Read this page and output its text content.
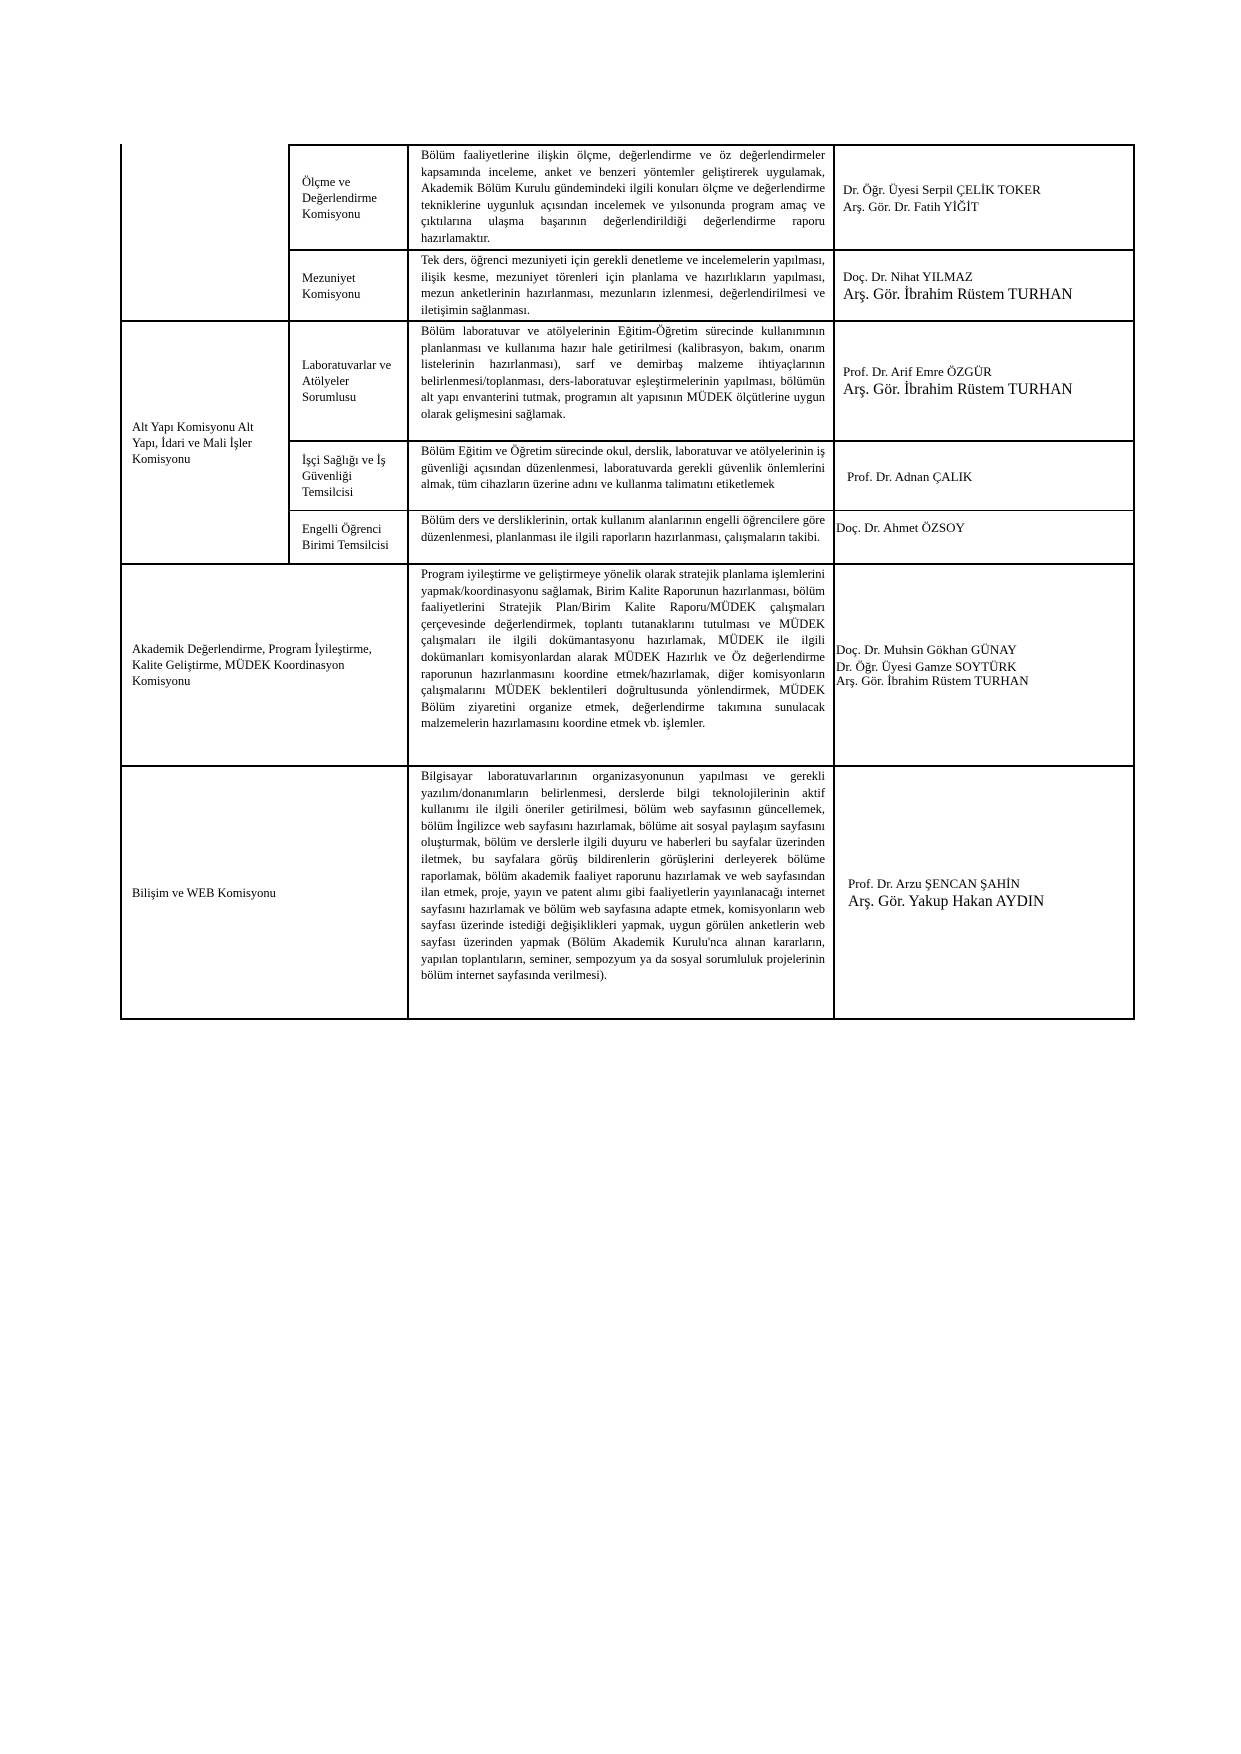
Ölçme ve Değerlendirme Komisyonu
Bölüm faaliyetlerine ilişkin ölçme, değerlendirme ve öz değerlendirmeler kapsamında inceleme, anket ve benzeri yöntemler geliştirerek uygulamak, Akademik Bölüm Kurulu gündemindeki ilgili konuları ölçme ve değerlendirme tekniklerine uygunluk açısından incelemek ve yılsonunda program amaç ve çıktılarına ulaşma başarının değerlendirildiği değerlendirme raporu hazırlamaktır.
Dr. Öğr. Üyesi Serpil ÇELİK TOKER
Arş. Gör. Dr. Fatih YİĞİT
Mezuniyet Komisyonu
Tek ders, öğrenci mezuniyeti için gerekli denetleme ve incelemelerin yapılması, ilişik kesme, mezuniyet törenleri için planlama ve hazırlıkların yapılması, mezun anketlerinin hazırlanması, mezunların izlenmesi, değerlendirilmesi ve iletişimin sağlanması.
Doç. Dr. Nihat YILMAZ
Arş. Gör. İbrahim Rüstem TURHAN
Alt Yapı Komisyonu Alt Yapı, İdari ve Mali İşler Komisyonu
Laboratuvarlar ve Atölyeler Sorumlusu
Bölüm laboratuvar ve atölyelerinin Eğitim-Öğretim sürecinde kullanımının planlanması ve kullanıma hazır hale getirilmesi (kalibrasyon, bakım, onarım listelerinin hazırlanması), sarf ve demirbaş malzeme ihtiyaçlarının belirlenmesi/toplanması, ders-laboratuvar eşleştirmelerinin yapılması, bölümün alt yapı envanterini tutmak, programın alt yapısının MÜDEK ölçütlerine uygun olarak gelişmesini sağlamak.
Prof. Dr. Arif Emre ÖZGÜR
Arş. Gör. İbrahim Rüstem TURHAN
İşçi Sağlığı ve İş Güvenliği Temsilcisi
Bölüm Eğitim ve Öğretim sürecinde okul, derslik, laboratuvar ve atölyelerinin iş güvenliği açısından düzenlenmesi, laboratuvarda gerekli güvenlik önlemlerini almak, tüm cihazların üzerine adını ve kullanma talimatını etiketlemek
Prof. Dr. Adnan ÇALIK
Engelli Öğrenci Birimi Temsilcisi
Bölüm ders ve dersliklerinin, ortak kullanım alanlarının engelli öğrencilere göre düzenlenmesi, planlanması ile ilgili raporların hazırlanması, çalışmaların takibi.
Doç. Dr. Ahmet ÖZSOY
Akademik Değerlendirme, Program İyileştirme, Kalite Geliştirme, MÜDEK Koordinasyon Komisyonu
Program iyileştirme ve geliştirmeye yönelik olarak stratejik planlama işlemlerini yapmak/koordinasyonu sağlamak, Birim Kalite Raporunun hazırlanması, bölüm faaliyetlerini Stratejik Plan/Birim Kalite Raporu/MÜDEK çalışmaları çerçevesinde değerlendirmek, toplantı tutanaklarını tutulması ve MÜDEK çalışmaları ile ilgili dokümantasyonu hazırlamak, MÜDEK ile ilgili dokümanları komisyonlardan alarak MÜDEK Hazırlık ve Öz değerlendirme raporunun hazırlanmasını koordine etmek/hazırlamak, diğer komisyonların çalışmalarını MÜDEK beklentileri doğrultusunda yönlendirmek, MÜDEK Bölüm ziyaretini organize etmek, değerlendirme takımına sunulacak malzemelerin hazırlamasını koordine etmek vb. işlemler.
Doç. Dr. Muhsin Gökhan GÜNAY
Dr. Öğr. Üyesi Gamze SOYTÜRK
Arş. Gör. İbrahim Rüstem TURHAN
Bilişim ve WEB Komisyonu
Bilgisayar laboratuvarlarının organizasyonunun yapılması ve gerekli yazılım/donanımların belirlenmesi, derslerde bilgi teknolojilerinin aktif kullanımı ile ilgili öneriler getirilmesi, bölüm web sayfasının güncellemek, bölüm İngilizce web sayfasını hazırlamak, bölüme ait sosyal paylaşım sayfasını oluşturmak, bölüm ve derslerle ilgili duyuru ve haberleri bu sayfalar üzerinden iletmek, bu sayfalara görüş bildirenlerin görüşlerini derleyerek bölüme raporlamak, bölüm akademik faaliyet raporunu hazırlamak ve web sayfasından ilan etmek, proje, yayın ve patent alımı gibi faaliyetlerin yayınlanacağı internet sayfasını hazırlamak ve bölüm web sayfasına adapte etmek, komisyonların web sayfası üzerinde istediği değişiklikleri yapmak, uygun görülen anketlerin web sayfası üzerinden yapmak (Bölüm Akademik Kurulu'nca alınan kararların, yapılan toplantıların, seminer, sempozyum ya da sosyal sorumluluk projelerinin bölüm internet sayfasında verilmesi).
Prof. Dr. Arzu ŞENCAN ŞAHİN
Arş. Gör. Yakup Hakan AYDIN
